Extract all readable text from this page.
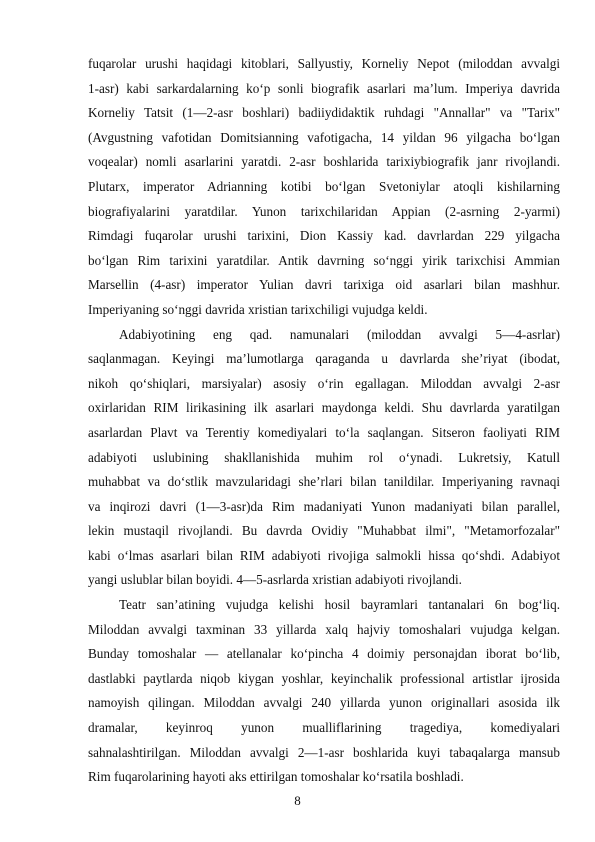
fuqarolar urushi haqidagi kitoblari, Sallyustiy, Korneliy Nepot (miloddan avvalgi
1-asr) kabi sarkardalarning ko‘p sonli biografik asarlari ma’lum. Imperiya davrida
Korneliy Tatsit (1—2-asr boshlari) badiiydidaktik ruhdagi "Annallar" va "Tarix"
(Avgustning vafotidan Domitsianning vafotigacha, 14 yildan 96 yilgacha bo‘lgan
voqealar) nomli asarlarini yaratdi. 2-asr boshlarida tarixiybiografik janr rivojlandi.
Plutarx, imperator Adrianning kotibi bo‘lgan Svetoniylar atoqli kishilarning
biografiyalarini yaratdilar. Yunon tarixchilaridan Appian (2-asrning 2-yarmi)
Rimdagi fuqarolar urushi tarixini, Dion Kassiy kad. davrlardan 229 yilgacha
bo‘lgan Rim tarixini yaratdilar. Antik davrning so‘nggi yirik tarixchisi Ammian
Marsellin (4-asr) imperator Yulian davri tarixiga oid asarlari bilan mashhur.
Imperiyaning so‘nggi davrida xristian tarixchiligi vujudga keldi.
Adabiyotining eng qad. namunalari (miloddan avvalgi 5—4-asrlar)
saqlanmagan. Keyingi ma’lumotlarga qaraganda u davrlarda she’riyat (ibodat,
nikoh qo‘shiqlari, marsiyalar) asosiy o‘rin egallagan. Miloddan avvalgi 2-asr
oxirlaridan RIM lirikasining ilk asarlari maydonga keldi. Shu davrlarda yaratilgan
asarlardan Plavt va Terentiy komediyalari to‘la saqlangan. Sitseron faoliyati RIM
adabiyoti uslubining shakllanishida muhim rol o‘ynadi. Lukretsiy, Katull
muhabbat va do‘stlik mavzularidagi she’rlari bilan tanildilar. Imperiyaning ravnaqi
va inqirozi davri (1—3-asr)da Rim madaniyati Yunon madaniyati bilan parallel,
lekin mustaqil rivojlandi. Bu davrda Ovidiy "Muhabbat ilmi", "Metamorfozalar"
kabi o‘lmas asarlari bilan RIM adabiyoti rivojiga salmokli hissa qo‘shdi. Adabiyot
yangi uslublar bilan boyidi. 4—5-asrlarda xristian adabiyoti rivojlandi.
Teatr san’atining vujudga kelishi hosil bayramlari tantanalari 6n bog‘liq.
Miloddan avvalgi taxminan 33 yillarda xalq hajviy tomoshalari vujudga kelgan.
Bunday tomoshalar — atellanalar ko‘pincha 4 doimiy personajdan iborat bo‘lib,
dastlabki paytlarda niqob kiygan yoshlar, keyinchalik professional artistlar ijrosida
namoyish qilingan. Miloddan avvalgi 240 yillarda yunon originallari asosida ilk
dramalar, keyinroq yunon mualliflarining tragediya, komediyalari
sahnalashtirilgan. Miloddan avvalgi 2—1-asr boshlarida kuyi tabaqalarga mansub
Rim fuqarolarining hayoti aks ettirilgan tomoshalar ko‘rsatila boshladi.
8
